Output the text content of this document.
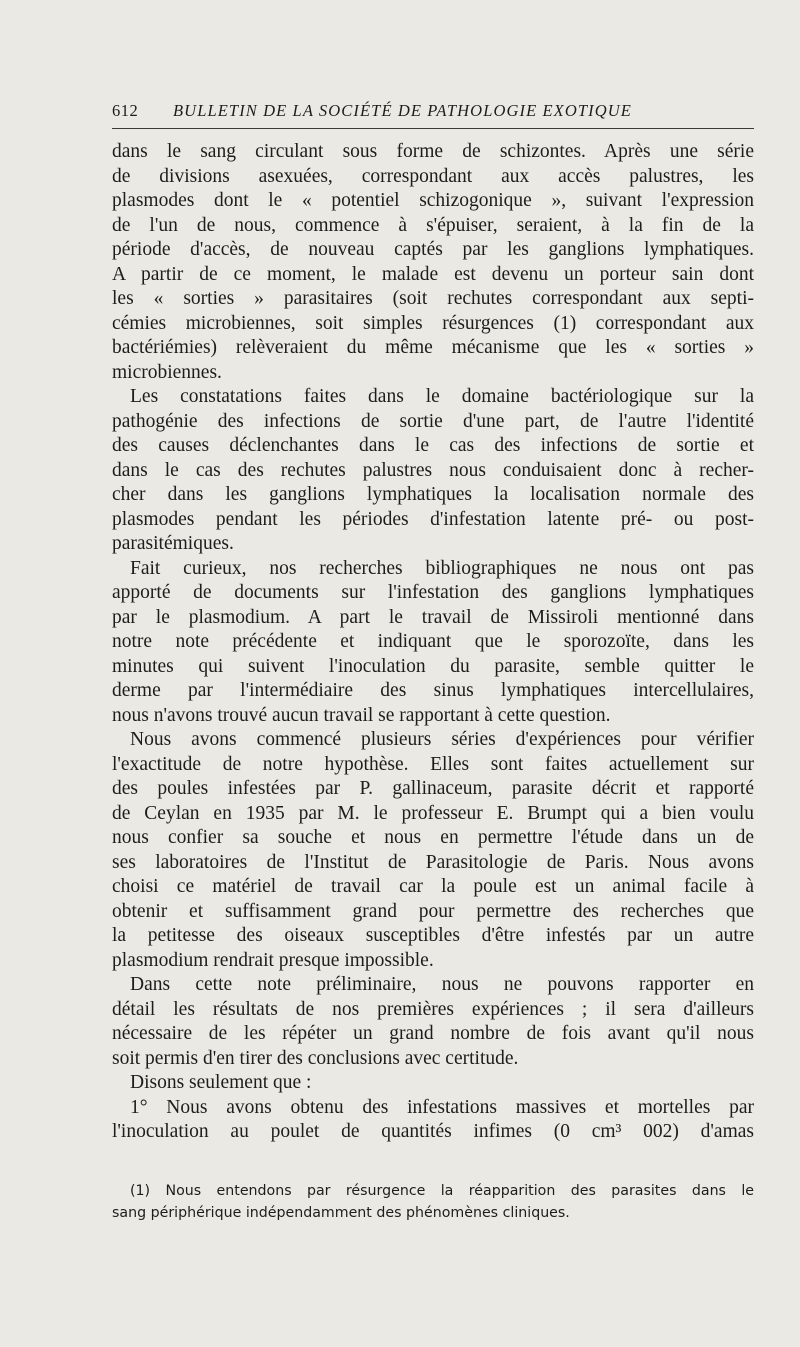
612 BULLETIN DE LA SOCIÉTÉ DE PATHOLOGIE EXOTIQUE
dans le sang circulant sous forme de schizontes. Après une série
de divisions asexuées, correspondant aux accès palustres, les
plasmodes dont le « potentiel schizogonique », suivant l'expression
de l'un de nous, commence à s'épuiser, seraient, à la fin de la
période d'accès, de nouveau captés par les ganglions lymphatiques.
A partir de ce moment, le malade est devenu un porteur sain dont
les « sorties » parasitaires (soit rechutes correspondant aux septi-
cémies microbiennes, soit simples résurgences (1) correspondant aux
bactériémies) relèveraient du même mécanisme que les « sorties »
microbiennes.
Les constatations faites dans le domaine bactériologique sur la
pathogénie des infections de sortie d'une part, de l'autre l'identité
des causes déclenchantes dans le cas des infections de sortie et
dans le cas des rechutes palustres nous conduisaient donc à recher-
cher dans les ganglions lymphatiques la localisation normale des
plasmodes pendant les périodes d'infestation latente pré- ou post-
parasitémiques.
Fait curieux, nos recherches bibliographiques ne nous ont pas
apporté de documents sur l'infestation des ganglions lymphatiques
par le plasmodium. A part le travail de Missiroli mentionné dans
notre note précédente et indiquant que le sporozoïte, dans les
minutes qui suivent l'inoculation du parasite, semble quitter le
derme par l'intermédiaire des sinus lymphatiques intercellulaires,
nous n'avons trouvé aucun travail se rapportant à cette question.
Nous avons commencé plusieurs séries d'expériences pour vérifier
l'exactitude de notre hypothèse. Elles sont faites actuellement sur
des poules infestées par P. gallinaceum, parasite décrit et rapporté
de Ceylan en 1935 par M. le professeur E. Brumpt qui a bien voulu
nous confier sa souche et nous en permettre l'étude dans un de
ses laboratoires de l'Institut de Parasitologie de Paris. Nous avons
choisi ce matériel de travail car la poule est un animal facile à
obtenir et suffisamment grand pour permettre des recherches que
la petitesse des oiseaux susceptibles d'être infestés par un autre
plasmodium rendrait presque impossible.
Dans cette note préliminaire, nous ne pouvons rapporter en
détail les résultats de nos premières expériences ; il sera d'ailleurs
nécessaire de les répéter un grand nombre de fois avant qu'il nous
soit permis d'en tirer des conclusions avec certitude.
Disons seulement que :
1° Nous avons obtenu des infestations massives et mortelles par
l'inoculation au poulet de quantités infimes (0 cm³ 002) d'amas
(1) Nous entendons par résurgence la réapparition des parasites dans le
sang périphérique indépendamment des phénomènes cliniques.
